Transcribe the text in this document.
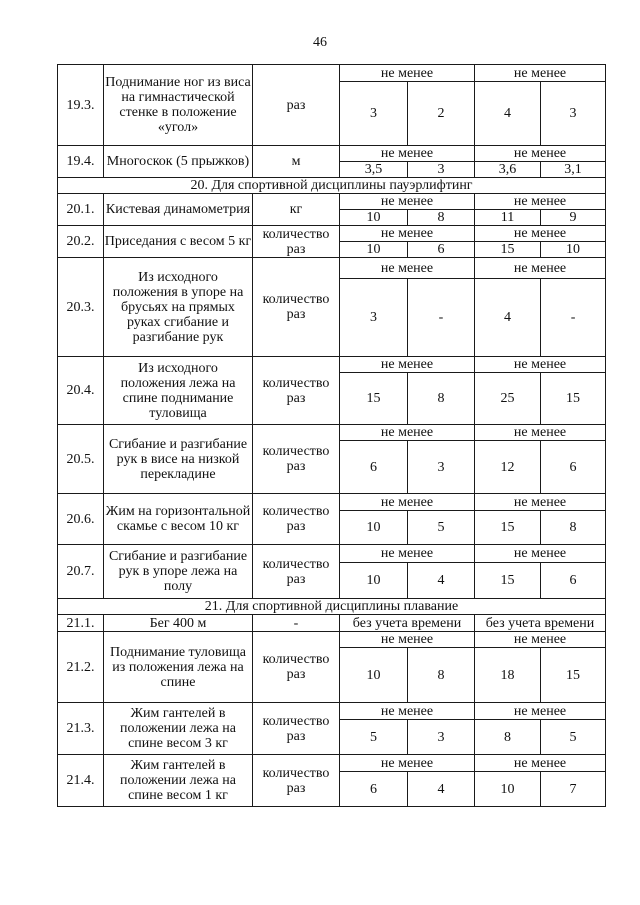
46
19.3.	Поднимание ног из виса на гимнастической стенке в положение «угол»	раз	не менее		не менее	
			3	2	4	3
19.4.	Многоскок (5 прыжков)	м	не менее		не менее	
			3,5	3	3,6	3,1
20. Для спортивной дисциплины пауэрлифтинг						
20.1.	Кистевая динамометрия	кг	не менее		не менее	
			10	8	11	9
20.2.	Приседания с весом 5 кг	количество раз	не менее		не менее	
			10	6	15	10
20.3.	Из исходного положения в упоре на брусьях на прямых руках сгибание и разгибание рук	количество раз	не менее		не менее	
			3	-	4	-
20.4.	Из исходного положения лежа на спине поднимание туловища	количество раз	не менее		не менее	
			15	8	25	15
20.5.	Сгибание и разгибание рук в висе на низкой перекладине	количество раз	не менее		не менее	
			6	3	12	6
20.6.	Жим на горизонтальной скамье с весом 10 кг	количество раз	не менее		не менее	
			10	5	15	8
20.7.	Сгибание и разгибание рук в упоре лежа на полу	количество раз	не менее		не менее	
			10	4	15	6
21. Для спортивной дисциплины плавание						
21.1.	Бег 400 м	-	без учета времени		без учета времени	
21.2.	Поднимание туловища из положения лежа на спине	количество раз	не менее		не менее	
			10	8	18	15
21.3.	Жим гантелей в положении лежа на спине весом 3 кг	количество раз	не менее		не менее	
			5	3	8	5
21.4.	Жим гантелей в положении лежа на спине весом 1 кг	количество раз	не менее		не менее	
			6	4	10	7
